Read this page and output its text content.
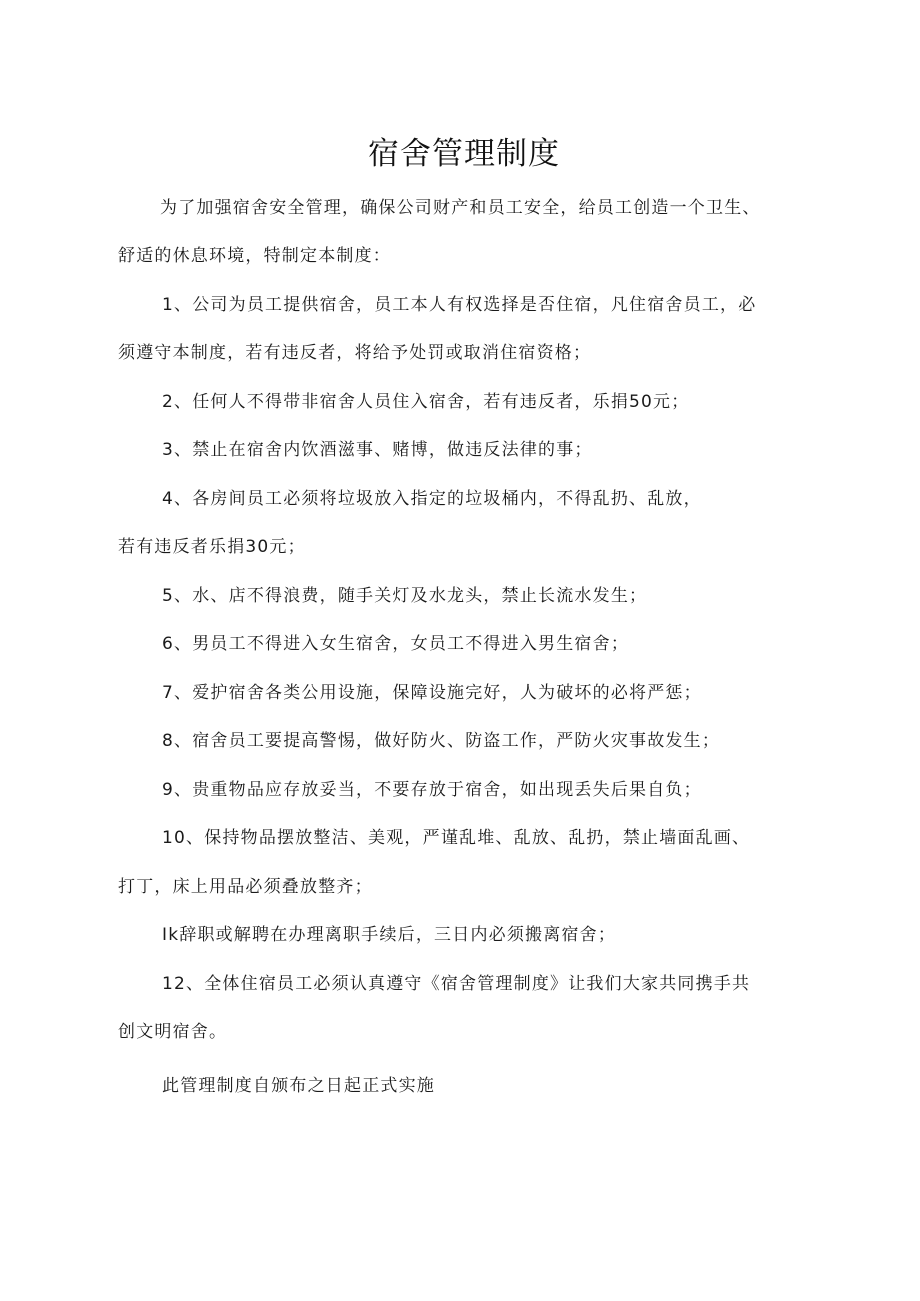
宿舍管理制度
为了加强宿舍安全管理，确保公司财产和员工安全，给员工创造一个卫生、
舒适的休息环境，特制定本制度：
1、公司为员工提供宿舍，员工本人有权选择是否住宿，凡住宿舍员工，必
须遵守本制度，若有违反者，将给予处罚或取消住宿资格；
2、任何人不得带非宿舍人员住入宿舍，若有违反者，乐捐50元；
3、禁止在宿舍内饮酒滋事、赌博，做违反法律的事；
4、各房间员工必须将垃圾放入指定的垃圾桶内，不得乱扔、乱放，
若有违反者乐捐30元；
5、水、店不得浪费，随手关灯及水龙头，禁止长流水发生；
6、男员工不得进入女生宿舍，女员工不得进入男生宿舍；
7、爱护宿舍各类公用设施，保障设施完好，人为破坏的必将严惩；
8、宿舍员工要提高警惕，做好防火、防盗工作，严防火灾事故发生；
9、贵重物品应存放妥当，不要存放于宿舍，如出现丢失后果自负；
10、保持物品摆放整洁、美观，严谨乱堆、乱放、乱扔，禁止墙面乱画、
打丁，床上用品必须叠放整齐；
Ik辞职或解聘在办理离职手续后，三日内必须搬离宿舍；
12、全体住宿员工必须认真遵守《宿舍管理制度》让我们大家共同携手共
创文明宿舍。
此管理制度自颁布之日起正式实施
